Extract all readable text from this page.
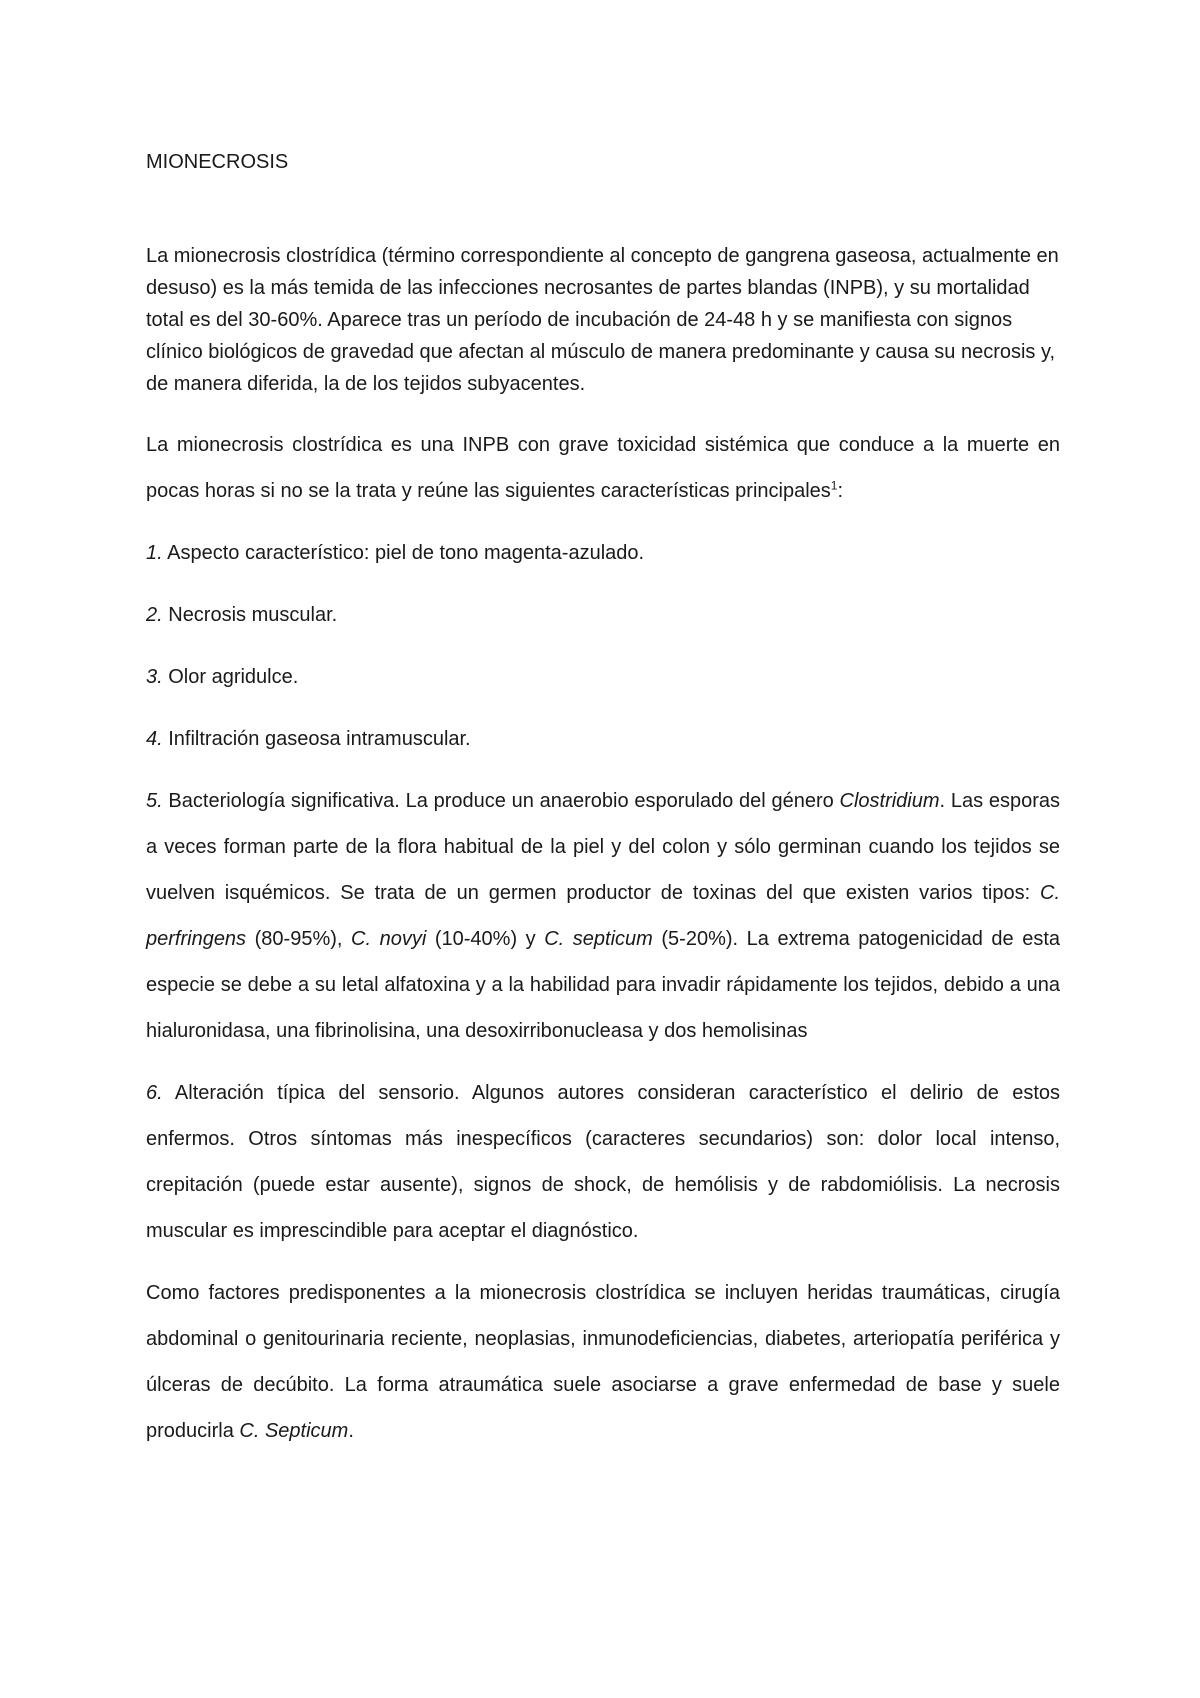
MIONECROSIS

La mionecrosis clostrídica (término correspondiente al concepto de gangrena gaseosa, actualmente en desuso) es la más temida de las infecciones necrosantes de partes blandas (INPB), y su mortalidad total es del 30-60%. Aparece tras un período de incubación de 24-48 h y se manifiesta con signos clínico biológicos de gravedad que afectan al músculo de manera predominante y causa su necrosis y, de manera diferida, la de los tejidos subyacentes.

La mionecrosis clostrídica es una INPB con grave toxicidad sistémica que conduce a la muerte en pocas horas si no se la trata y reúne las siguientes características principales$^1$:

1. Aspecto característico: piel de tono magenta-azulado.

2. Necrosis muscular.

3. Olor agridulce.

4. Infiltración gaseosa intramuscular.

5. Bacteriología significativa. La produce un anaerobio esporulado del género Clostridium. Las esporas a veces forman parte de la flora habitual de la piel y del colon y sólo germinan cuando los tejidos se vuelven isquémicos. Se trata de un germen productor de toxinas del que existen varios tipos: C. perfringens (80-95%), C. novyi (10-40%) y C. septicum (5-20%). La extrema patogenicidad de esta especie se debe a su letal alfatoxina y a la habilidad para invadir rápidamente los tejidos, debido a una hialuronidasa, una fibrinolisina, una desoxirribonucleasa y dos hemolisinas

6. Alteración típica del sensorio. Algunos autores consideran característico el delirio de estos enfermos. Otros síntomas más inespecíficos (caracteres secundarios) son: dolor local intenso, crepitación (puede estar ausente), signos de shock, de hemólisis y de rabdomiólisis. La necrosis muscular es imprescindible para aceptar el diagnóstico.

Como factores predisponentes a la mionecrosis clostrídica se incluyen heridas traumáticas, cirugía abdominal o genitourinaria reciente, neoplasias, inmunodeficiencias, diabetes, arteriopatía periférica y úlceras de decúbito. La forma atraumática suele asociarse a grave enfermedad de base y suele producirla C. Septicum.
